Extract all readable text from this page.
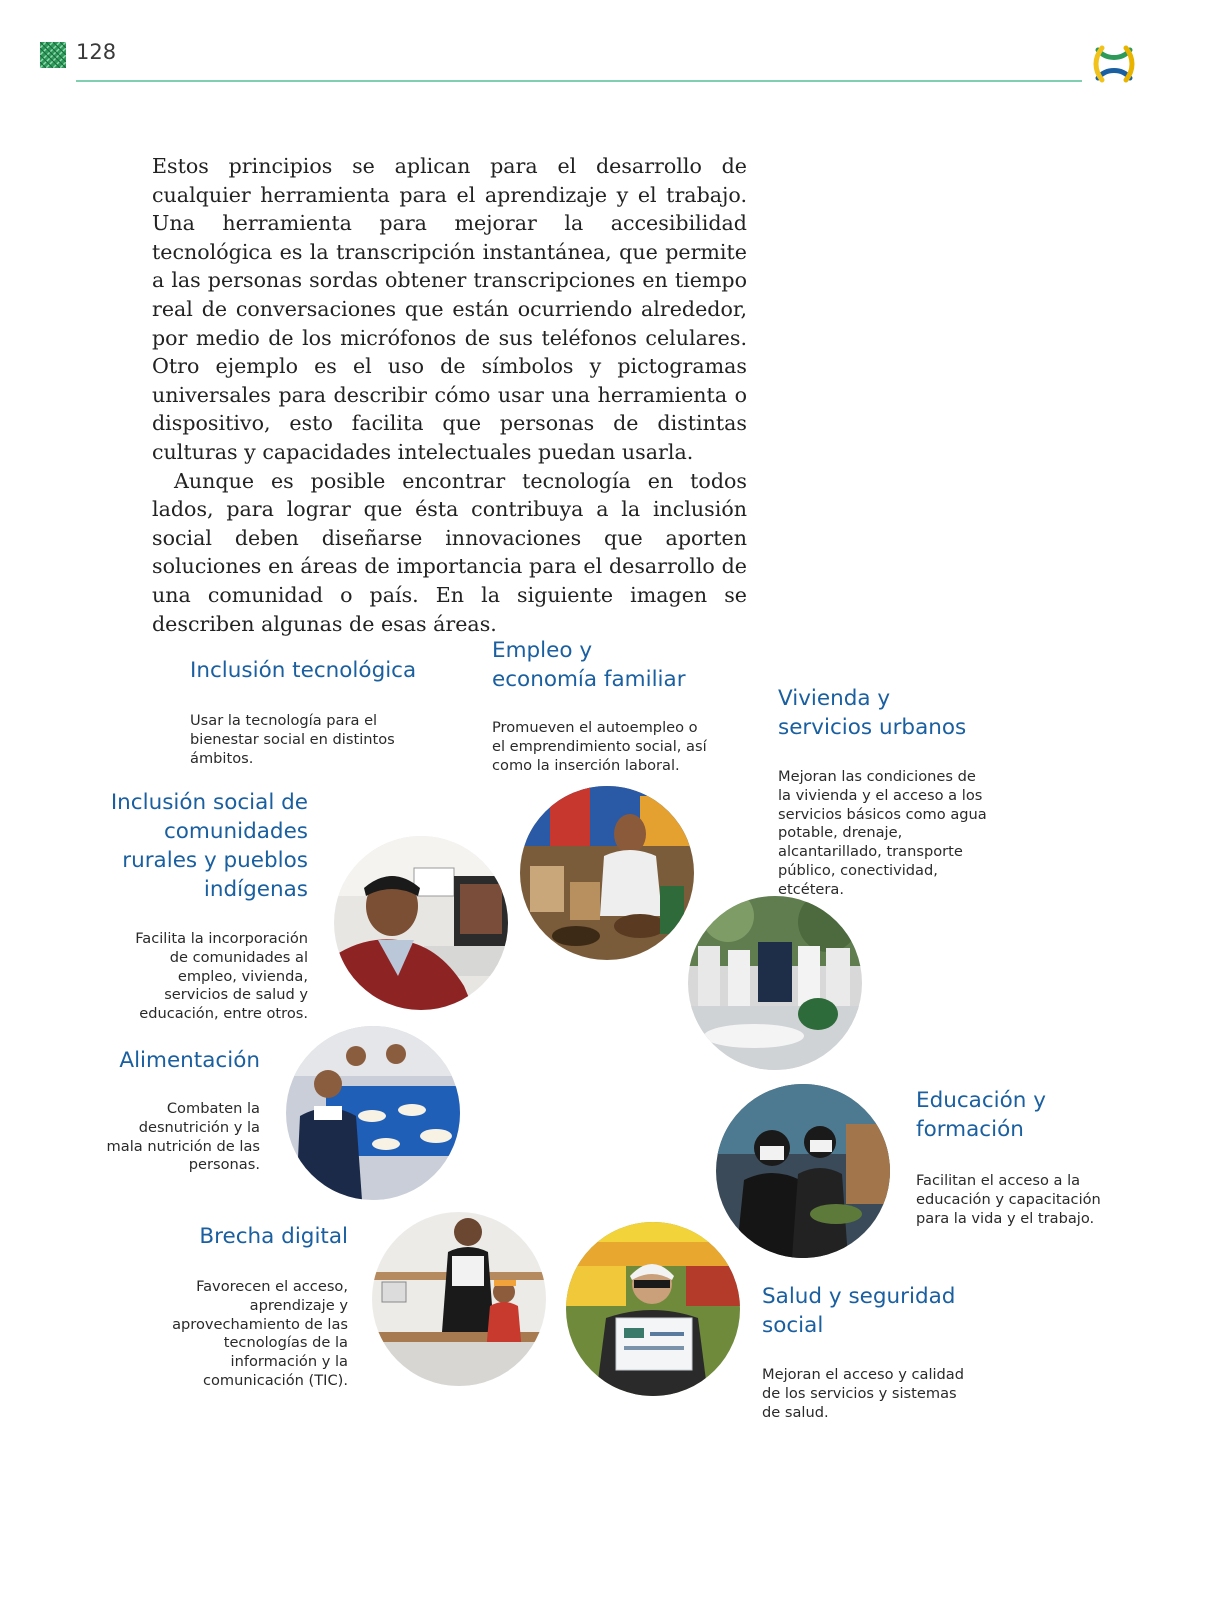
128

Estos principios se aplican para el desarrollo de cualquier herramienta para el aprendizaje y el trabajo. Una herramienta para mejorar la accesibilidad tecnológica es la transcripción instantánea, que permite a las personas sordas obtener transcripciones en tiempo real de conversaciones que están ocurriendo alrededor, por medio de los micrófonos de sus teléfonos celulares. Otro ejemplo es el uso de símbolos y pictogramas universales para describir cómo usar una herramienta o dispositivo, esto facilita que personas de distintas culturas y capacidades intelectuales puedan usarla.

Aunque es posible encontrar tecnología en todos lados, para lograr que ésta contribuya a la inclusión social deben diseñarse innovaciones que aporten soluciones en áreas de importancia para el desarrollo de una comunidad o país. En la siguiente imagen se describen algunas de esas áreas.

Inclusión tecnológica

Usar la tecnología para el bienestar social en distintos ámbitos.

Empleo y economía familiar

Promueven el autoempleo o el emprendimiento social, así como la inserción laboral.

Vivienda y servicios urbanos

Mejoran las condiciones de la vivienda y el acceso a los servicios básicos como agua potable, drenaje, alcantarillado, transporte público, conectividad, etcétera.

Inclusión social de comunidades rurales y pueblos indígenas

Facilita la incorporación de comunidades al empleo, vivienda, servicios de salud y educación, entre otros.

Alimentación

Combaten la desnutrición y la mala nutrición de las personas.

Educación y formación

Facilitan el acceso a la educación y capacitación para la vida y el trabajo.

Brecha digital

Favorecen el acceso, aprendizaje y aprovechamiento de las tecnologías de la información y la comunicación (TIC).

Salud y seguridad social

Mejoran el acceso y calidad de los servicios y sistemas de salud.
